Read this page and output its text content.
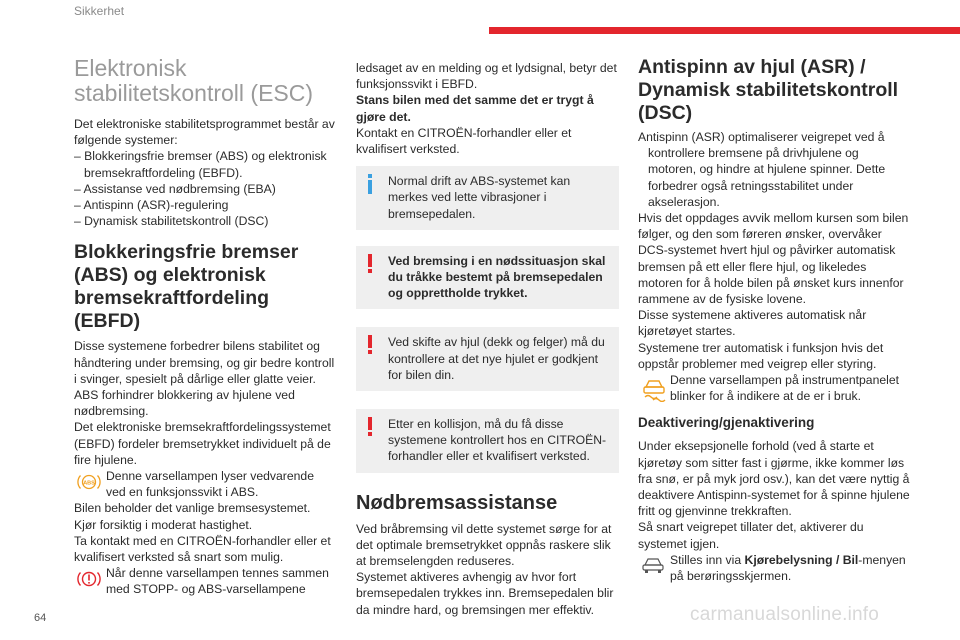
Sikkerhet
Elektronisk stabilitetskontroll (ESC)

Det elektroniske stabilitetsprogrammet består av følgende systemer:

– Blokkeringsfrie bremser (ABS) og elektronisk bremsekraftfordeling (EBFD).

– Assistanse ved nødbremsing (EBA)

– Antispinn (ASR)-regulering

– Dynamisk stabilitetskontroll (DSC)

Blokkeringsfrie bremser (ABS) og elektronisk bremsekraftfordeling (EBFD)

Disse systemene forbedrer bilens stabilitet og håndtering under bremsing, og gir bedre kontroll i svinger, spesielt på dårlige eller glatte veier.

ABS forhindrer blokkering av hjulene ved nødbremsing.

Det elektroniske bremsekraftfordelingssystemet (EBFD) fordeler bremsetrykket individuelt på de fire hjulene.

ABS

Denne varsellampen lyser vedvarende ved en funksjonssvikt i ABS.

Bilen beholder det vanlige bremsesystemet. Kjør forsiktig i moderat hastighet.

Ta kontakt med en CITROËN-forhandler eller et kvalifisert verksted så snart som mulig.

Når denne varsellampen tennes sammen med STOPP- og ABS-varsellampene

ledsaget av en melding og et lydsignal, betyr det funksjonssvikt i EBFD.

Stans bilen med det samme det er trygt å gjøre det.

Kontakt en CITROËN-forhandler eller et kvalifisert verksted.

Normal drift av ABS-systemet kan merkes ved lette vibrasjoner i bremsepedalen.

Ved bremsing i en nødssituasjon skal du tråkke bestemt på bremsepedalen og opprettholde trykket.

Ved skifte av hjul (dekk og felger) må du kontrollere at det nye hjulet er godkjent for bilen din.

Etter en kollisjon, må du få disse systemene kontrollert hos en CITROËN-forhandler eller et kvalifisert verksted.

Nødbremsassistanse

Ved bråbremsing vil dette systemet sørge for at det optimale bremsetrykket oppnås raskere slik at bremselengden reduseres.

Systemet aktiveres avhengig av hvor fort bremsepedalen trykkes inn. Bremsepedalen blir da mindre hard, og bremsingen mer effektiv.

Antispinn av hjul (ASR) / Dynamisk stabilitetskontroll (DSC)

Antispinn (ASR) optimaliserer veigrepet ved å kontrollere bremsene på drivhjulene og motoren, og hindre at hjulene spinner. Dette forbedrer også retningsstabilitet under akselerasjon.

Hvis det oppdages avvik mellom kursen som bilen følger, og den som føreren ønsker, overvåker DCS-systemet hvert hjul og påvirker automatisk bremsen på ett eller flere hjul, og likeledes motoren for å holde bilen på ønsket kurs innenfor rammene av de fysiske lovene.

Disse systemene aktiveres automatisk når kjøretøyet startes.

Systemene trer automatisk i funksjon hvis det oppstår problemer med veigrep eller styring.

Denne varsellampen på instrumentpanelet blinker for å indikere at de er i bruk.

Deaktivering/gjenaktivering

Under eksepsjonelle forhold (ved å starte et kjøretøy som sitter fast i gjørme, ikke kommer løs fra snø, er på myk jord osv.), kan det være nyttig å deaktivere Antispinn-systemet for å spinne hjulene fritt og gjenvinne trekkraften.

Så snart veigrepet tillater det, aktiverer du systemet igjen.

Stilles inn via Kjørebelysning / Bil-menyen på berøringsskjermen.

64	carmanualsonline.info
